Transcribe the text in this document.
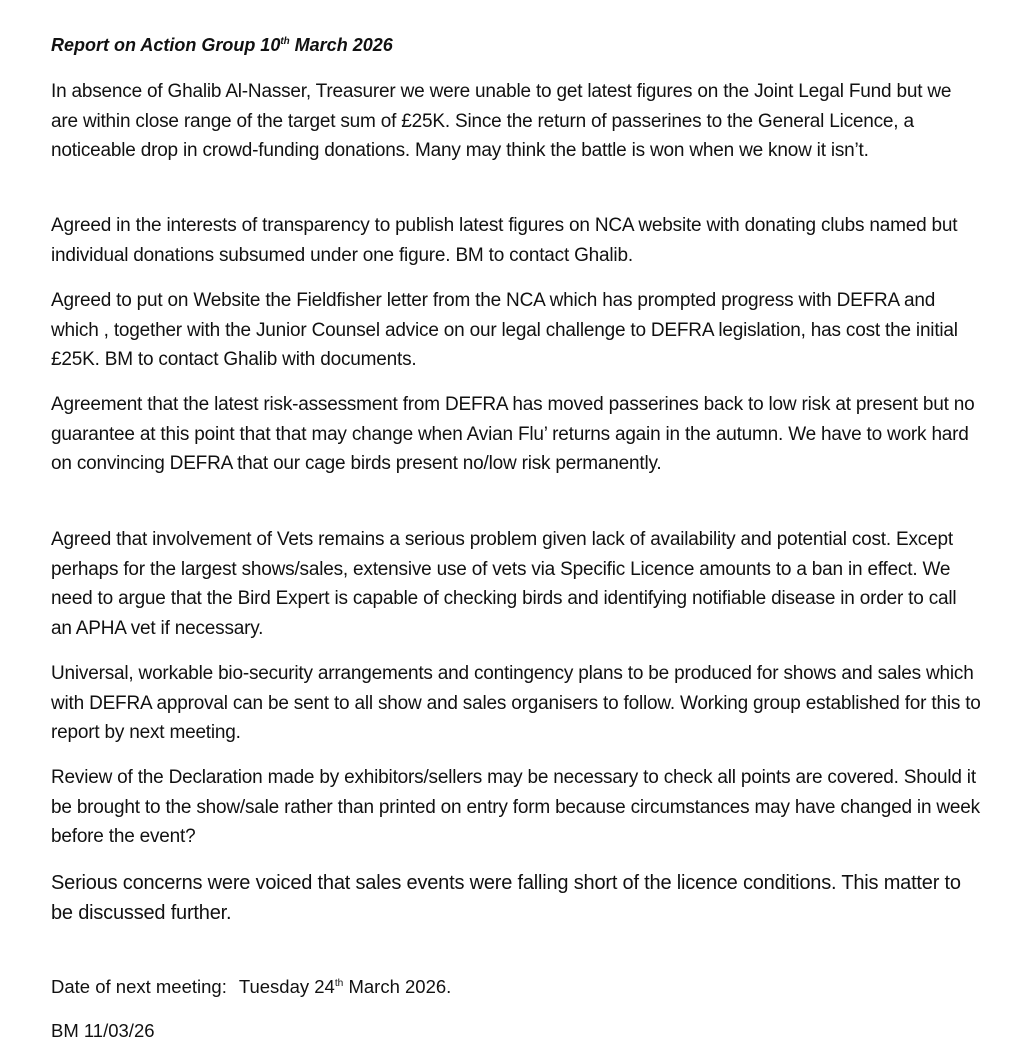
Report on Action Group 10th March 2026
In absence of Ghalib Al-Nasser, Treasurer we were unable to get latest figures on the Joint Legal Fund but we are within close range of the target sum of £25K. Since the return of passerines to the General Licence, a noticeable drop in crowd-funding donations. Many may think the battle is won when we know it isn’t.
Agreed in the interests of transparency to publish latest figures on NCA website with donating clubs named but individual donations subsumed under one figure. BM to contact Ghalib.
Agreed to put on Website the Fieldfisher letter from the NCA which has prompted progress with DEFRA and which , together with the Junior Counsel advice on our legal challenge to DEFRA legislation, has cost the initial £25K. BM to contact Ghalib with documents.
Agreement that the latest risk-assessment from DEFRA has moved passerines back to low risk at present but no guarantee at this point that that may change when Avian Flu’ returns again in the autumn. We have to work hard on convincing DEFRA that our cage birds present no/low risk permanently.
Agreed that involvement of Vets remains a serious problem given lack of availability and potential cost. Except perhaps for the largest shows/sales, extensive use of vets via Specific Licence amounts to a ban in effect. We need to argue that the Bird Expert is capable of checking birds and identifying notifiable disease in order to call an APHA vet if necessary.
Universal, workable bio-security arrangements and contingency plans to be produced for shows and sales which with DEFRA approval can be sent to all show and sales organisers to follow. Working group established for this to report by next meeting.
Review of the Declaration made by exhibitors/sellers may be necessary to check all points are covered. Should it be brought to the show/sale rather than printed on entry form because circumstances may have changed in week before the event?
Serious concerns were voiced that sales events were falling short of the licence conditions. This matter to be discussed further.
Date of next meeting: Tuesday 24th March 2026.
BM 11/03/26
